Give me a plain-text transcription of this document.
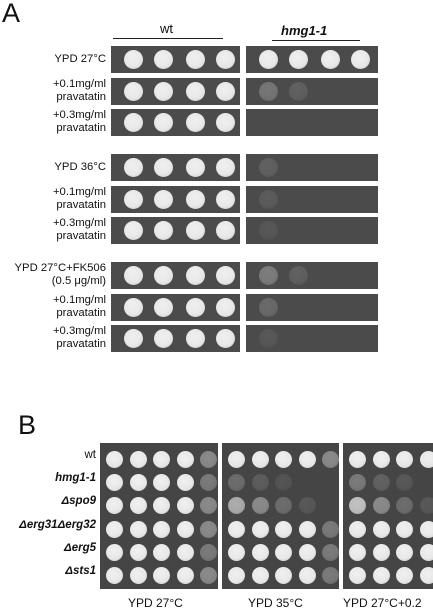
A
wt	hmg1-1
YPD 27°C
+0.1mg/ml
pravatatin
+0.3mg/ml
pravatatin
YPD 36°C
+0.1mg/ml
pravatatin
+0.3mg/ml
pravatatin
YPD 27°C+FK506
(0.5 μg/ml)
+0.1mg/ml
pravatatin
+0.3mg/ml
pravatatin
B
wt
hmg1-1
Δspo9
Δerg31Δerg32
Δerg5
Δsts1
YPD 27°C	YPD 35°C	YPD 27°C+0.2
